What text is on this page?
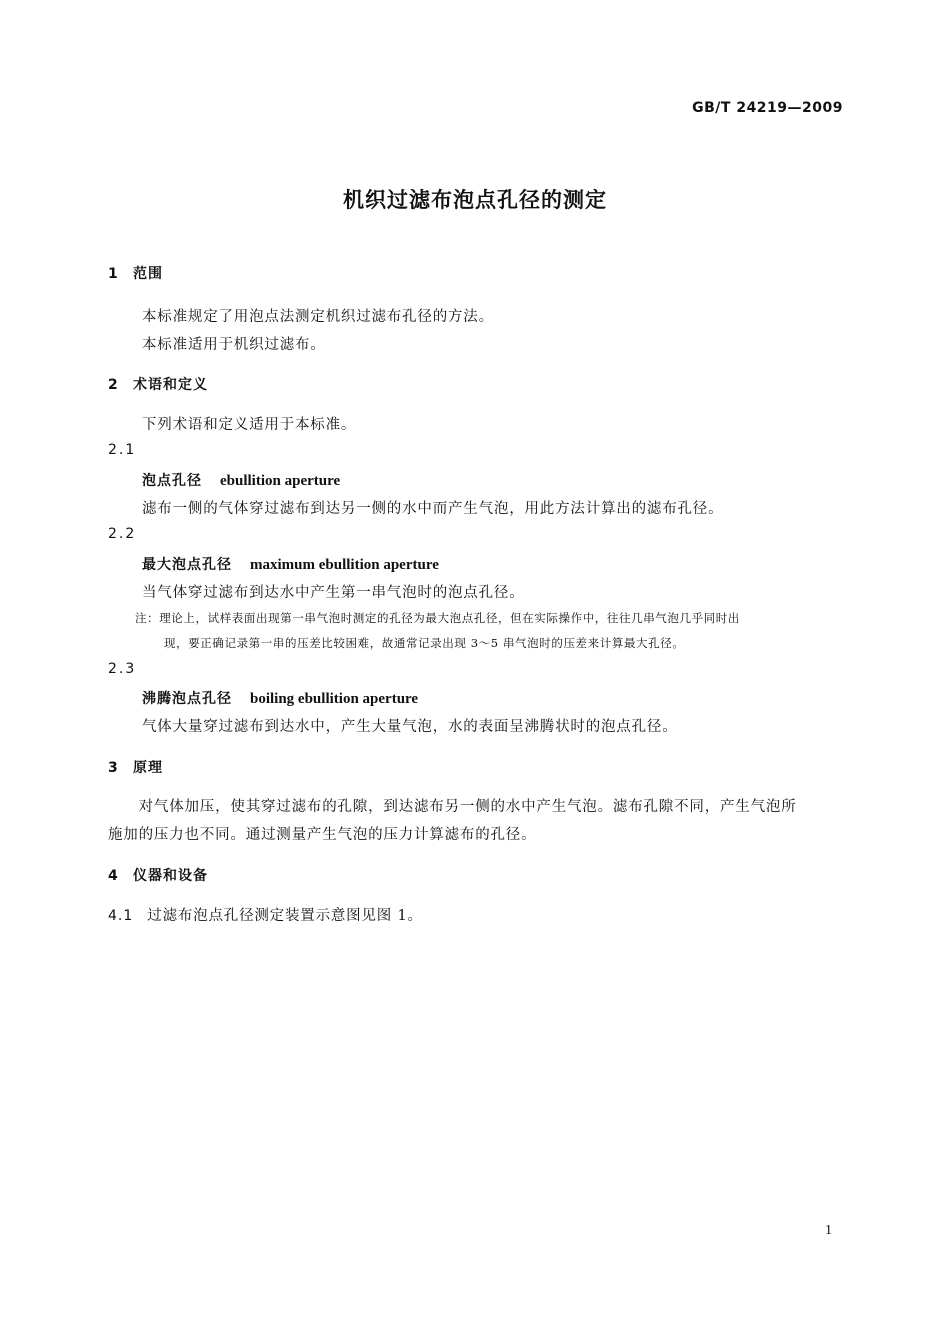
GB/T 24219—2009
机织过滤布泡点孔径的测定
1 范围
本标准规定了用泡点法测定机织过滤布孔径的方法。
本标准适用于机织过滤布。
2 术语和定义
下列术语和定义适用于本标准。
2.1
泡点孔径 ebullition aperture
滤布一侧的气体穿过滤布到达另一侧的水中而产生气泡，用此方法计算出的滤布孔径。
2.2
最大泡点孔径 maximum ebullition aperture
当气体穿过滤布到达水中产生第一串气泡时的泡点孔径。
注：理论上，试样表面出现第一串气泡时测定的孔径为最大泡点孔径，但在实际操作中，往往几串气泡几乎同时出
现，要正确记录第一串的压差比较困难，故通常记录出现 3～5 串气泡时的压差来计算最大孔径。
2.3
沸腾泡点孔径 boiling ebullition aperture
气体大量穿过滤布到达水中，产生大量气泡，水的表面呈沸腾状时的泡点孔径。
3 原理
　　对气体加压，使其穿过滤布的孔隙，到达滤布另一侧的水中产生气泡。滤布孔隙不同，产生气泡所
施加的压力也不同。通过测量产生气泡的压力计算滤布的孔径。
4 仪器和设备
4.1 过滤布泡点孔径测定装置示意图见图 1。
1
